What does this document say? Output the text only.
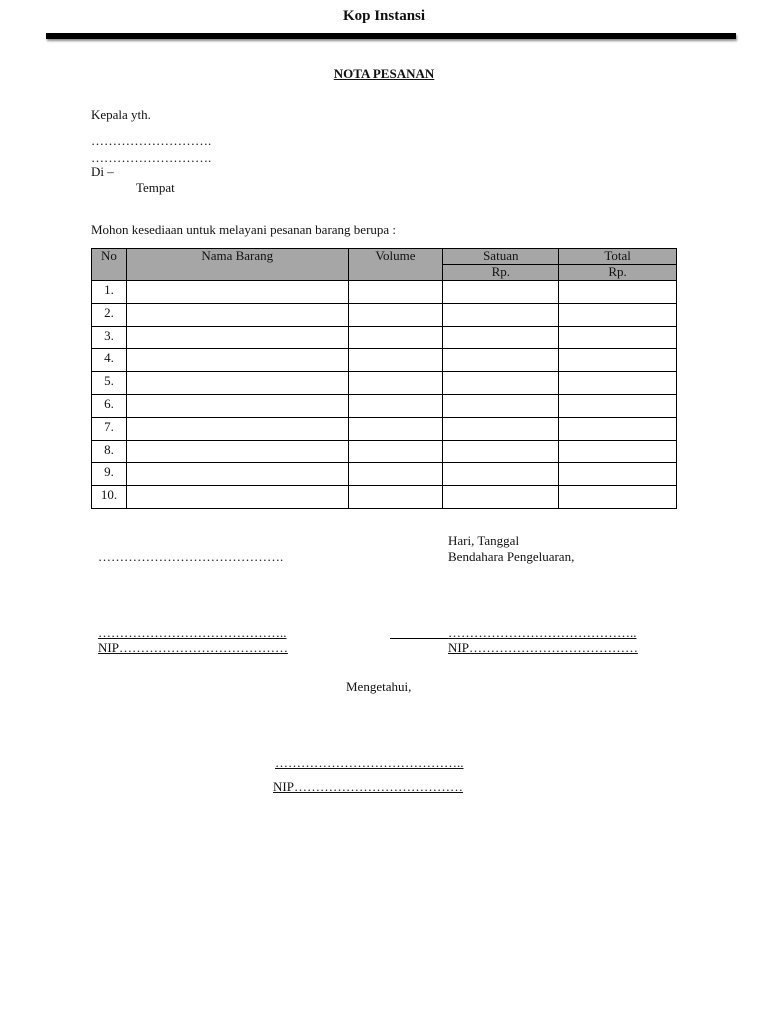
Kop Instansi
NOTA PESANAN
Kepala yth.
……………………….
……………………….
Di –
Tempat
Mohon kesediaan untuk melayani pesanan barang berupa :
No	Nama Barang	Volume	Satuan	Total
			Rp.	Rp.
1.				
2.				
3.				
4.				
5.				
6.				
7.				
8.				
9.				
10.				
Hari, Tanggal
…………………………………….	Bendahara Pengeluaran,
……………………………………..	……………………………………..
NIP…………………………………	NIP…………………………………
Mengetahui,
……………………………………..
NIP…………………………………
